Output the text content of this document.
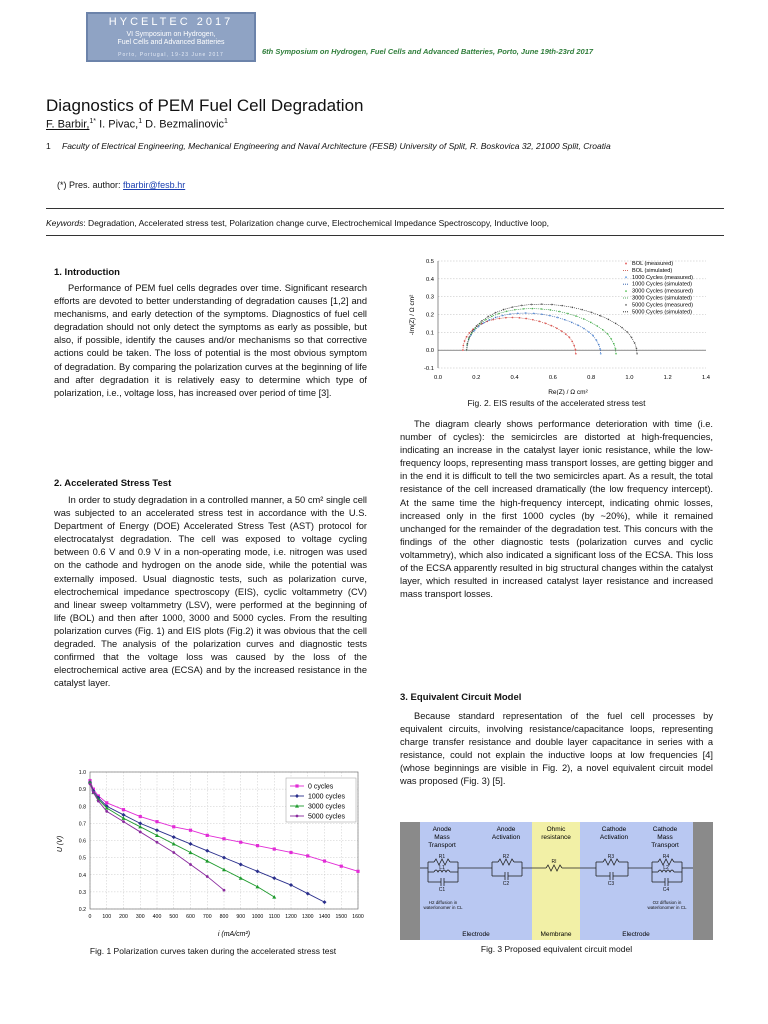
HYCELTEC 2017
VI Symposium on Hydrogen,
Fuel Cells and Advanced Batteries
Porto, Portugal, 19-23 June 2017	6th Symposium on Hydrogen, Fuel Cells and Advanced Batteries, Porto, June 19th-23rd 2017
Diagnostics of PEM Fuel Cell Degradation
F. Barbir,$^{1*}$ I. Pivac,$^1$ D. Bezmalinovic$^1$
1 Faculty of Electrical Engineering, Mechanical Engineering and Naval Architecture (FESB) University of Split, R. Boskovica 32, 21000 Split, Croatia
(*) Pres. author: fbarbir@fesb.hr
Keywords: Degradation, Accelerated stress test, Polarization change curve, Electrochemical Impedance Spectroscopy, Inductive loop,
1. Introduction
Performance of PEM fuel cells degrades over time. Significant research efforts are devoted to better understanding of degradation causes [1,2] and mechanisms, and early detection of the symptoms. Diagnostics of fuel cell degradation should not only detect the symptoms as early as possible, but also, if possible, identify the causes and/or mechanisms so that corrective actions could be taken. The loss of potential is the most obvious symptom of degradation. By comparing the polarization curves at the beginning of life and after degradation it is relatively easy to determine which type of polarization, i.e., voltage loss, has increased over period of time [3].
2. Accelerated Stress Test
In order to study degradation in a controlled manner, a 50 cm² single cell was subjected to an accelerated stress test in accordance with the U.S. Department of Energy (DOE) Accelerated Stress Test (AST) protocol for electrocatalyst degradation. The cell was exposed to voltage cycling between 0.6 V and 0.9 V in a non-operating mode, i.e. nitrogen was used on the cathode and hydrogen on the anode side, while the potential was externally imposed. Usual diagnostic tests, such as polarization curve, electrochemical impedance spectroscopy (EIS), cyclic voltammetry (CV) and linear sweep voltammetry (LSV), were performed at the beginning of life (BOL) and then after 1000, 3000 and 5000 cycles. From the resulting polarization curves (Fig. 1) and EIS plots (Fig.2) it was obvious that the cell degraded. The analysis of the polarization curves and diagnostic tests confirmed that the voltage loss was caused by the loss of the electrochemical active area (ECSA) and by the increased resistance in the catalyst layer.
0 100 200 300 400 500 600 700 800 900 1000 1100 1200 1300 1400 1500 1600
0.2
0.3
0.4
0.5
0.6
0.7
0.8
0.9
1.0
0 cycles
1000 cycles
3000 cycles
5000 cycles
i (mA/cm²)
U (V)
Fig. 1 Polarization curves taken during the accelerated stress test
-0.1
0.0
0.1
0.2
0.3
0.4
0.5
0.0	0.2	0.4	0.6	0.8	1.0	1.2	1.4
BOL (measured)
BOL (simulated)
1000 Cycles (measured)
1000 Cycles (simulated)
3000 Cycles (measured)
3000 Cycles (simulated)
5000 Cycles (measured)
5000 Cycles (simulated)
Re(Z) / Ω cm²
-Im(Z) / Ω cm²
Fig. 2. EIS results of the accelerated stress test
The diagram clearly shows performance deterioration with time (i.e. number of cycles): the semicircles are distorted at high-frequencies, indicating an increase in the catalyst layer ionic resistance, while the low-frequency loops, representing mass transport losses, are getting bigger and in the end it is difficult to tell the two semicircles apart. As a result, the total resistance of the cell increased dramatically (the low frequency intercept). At the same time the high-frequency intercept, indicating ohmic losses, increased only in the first 1000 cycles (by ~20%), while it remained unchanged for the remainder of the degradation test. This concurs with the findings of the other diagnostic tests (polarization curves and cyclic voltammetry), which also indicated a significant loss of the ECSA. This loss of the ECSA apparently resulted in big structural changes within the catalyst layer, which resulted in increased catalyst layer resistance and increased mass transport losses.
3. Equivalent Circuit Model
Because standard representation of the fuel cell processes by equivalent circuits, involving resistance/capacitance loops, representing charge transfer resistance and double layer capacitance in series with a resistance, could not explain the inductive loops at low frequencies [4] (whose beginnings are visible in Fig. 2), a novel equivalent circuit model was proposed (Fig. 3) [5].
Anode
Mass
Transport
Anode
Activation
Ohmic
resistance
Cathode
Activation
Cathode
Mass
Transport
R1
L1
C1
R2
C2
RI
R3
C3
R4
L2
C4
H2 diffusion in waterlonomer in CL
O2 diffusion in waterlonomer in CL
Electrode	Membrane	Electrode
Fig. 3 Proposed equivalent circuit model
